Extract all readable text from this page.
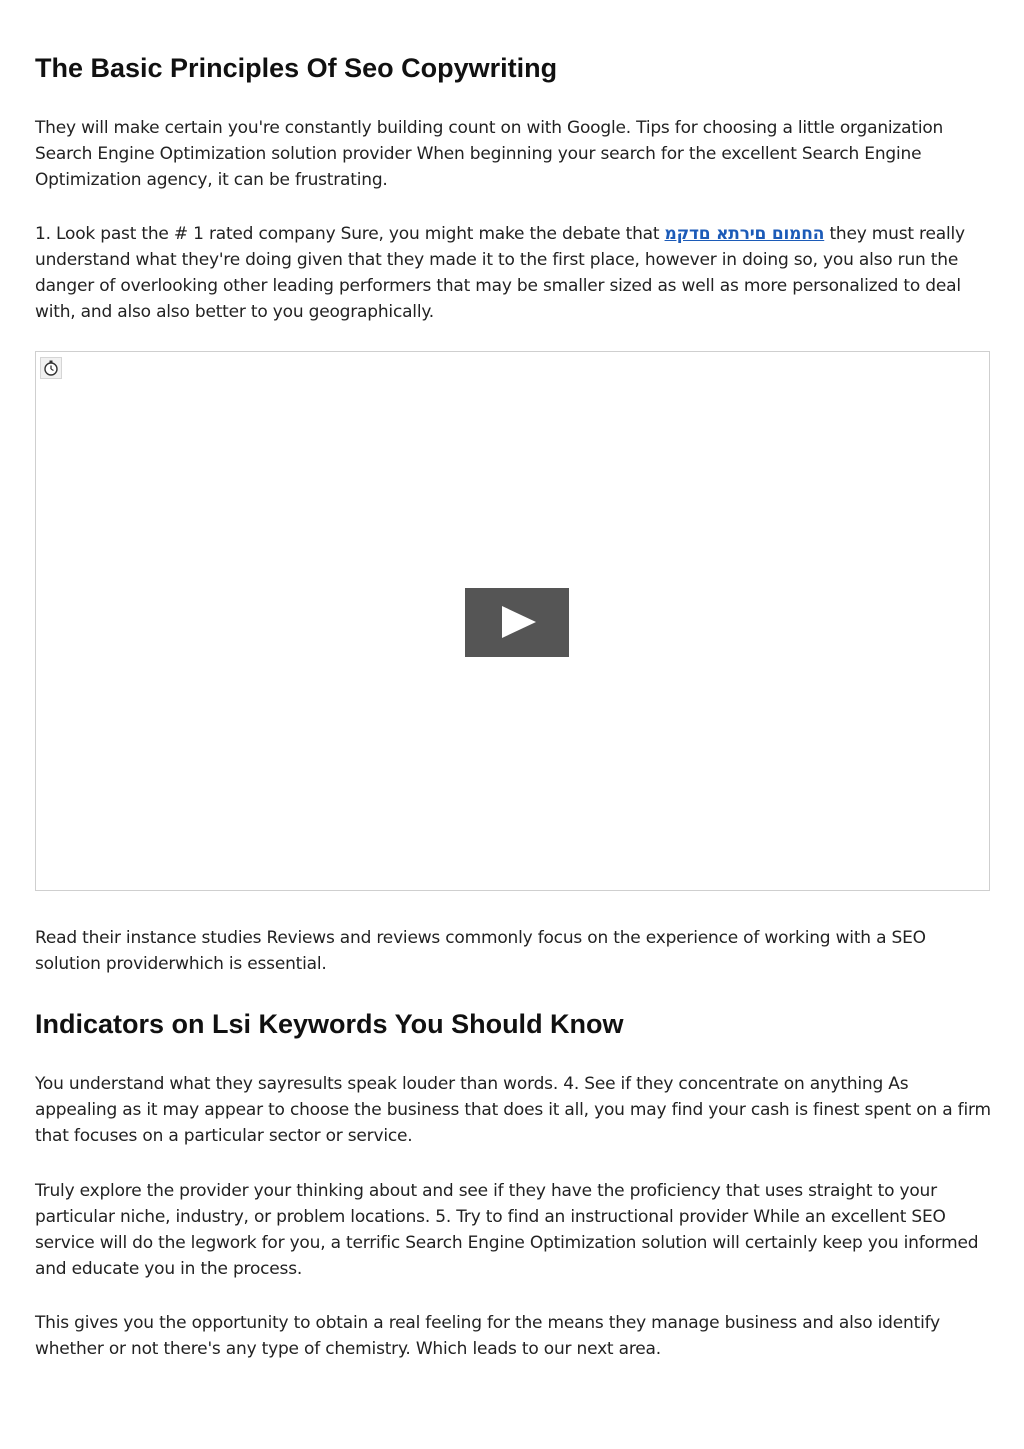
The Basic Principles Of Seo Copywriting

They will make certain you're constantly building count on with Google. Tips for choosing a little organization Search Engine Optimization solution provider When beginning your search for the excellent Search Engine Optimization agency, it can be frustrating.

1. Look past the # 1 rated company Sure, you might make the debate that החמום םירתא םדקמ they must really understand what they're doing given that they made it to the first place, however in doing so, you also run the danger of overlooking other leading performers that may be smaller sized as well as more personalized to deal with, and also also better to you geographically.

Read their instance studies Reviews and reviews commonly focus on the experience of working with a SEO solution providerwhich is essential.

Indicators on Lsi Keywords You Should Know

You understand what they sayresults speak louder than words. 4. See if they concentrate on anything As appealing as it may appear to choose the business that does it all, you may find your cash is finest spent on a firm that focuses on a particular sector or service.

Truly explore the provider your thinking about and see if they have the proficiency that uses straight to your particular niche, industry, or problem locations. 5. Try to find an instructional provider While an excellent SEO service will do the legwork for you, a terrific Search Engine Optimization solution will certainly keep you informed and educate you in the process.

This gives you the opportunity to obtain a real feeling for the means they manage business and also identify whether or not there's any type of chemistry. Which leads to our next area.
